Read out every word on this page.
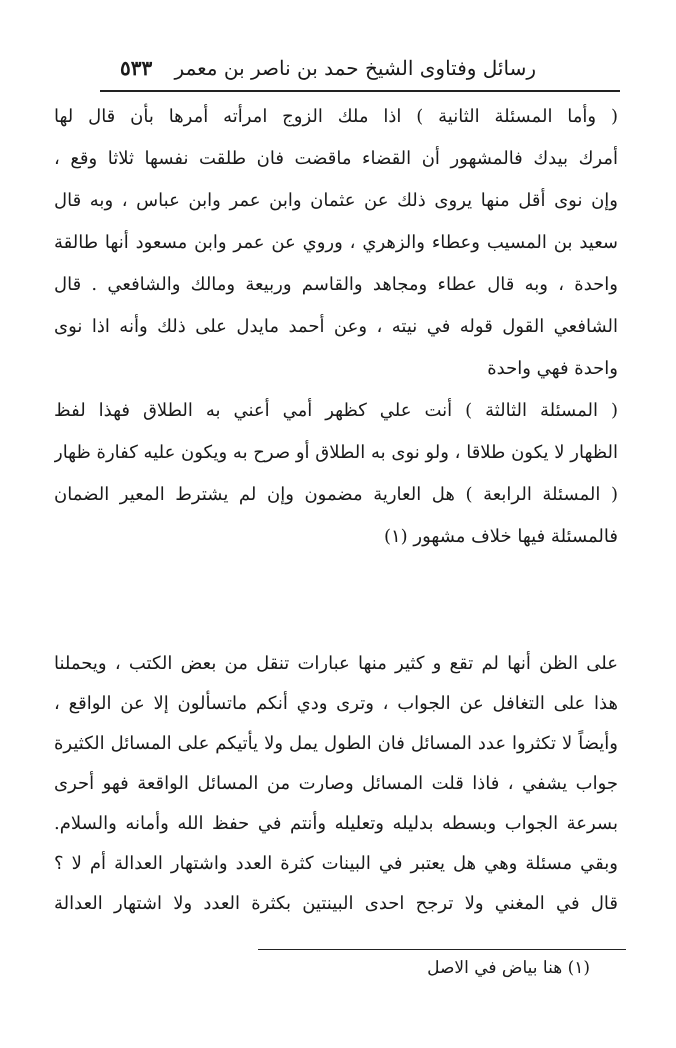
٥٣٣ رسائل وفتاوى الشيخ حمد بن ناصر بن معمر
( وأما المسئلة الثانية ) اذا ملك الزوج امرأته أمرها بأن قال لها
أمرك بيدك فالمشهور أن القضاء ماقضت فان طلقت نفسها ثلاثا وقع ،
وإن نوى أقل منها يروى ذلك عن عثمان وابن عمر وابن عباس ، وبه قال
سعيد بن المسيب وعطاء والزهري ، وروي عن عمر وابن مسعود أنها طالقة
واحدة ، وبه قال عطاء ومجاهد والقاسم وربيعة ومالك والشافعي . قال
الشافعي القول قوله في نيته ، وعن أحمد مايدل على ذلك وأنه اذا نوى
واحدة فهي واحدة
( المسئلة الثالثة ) أنت علي كظهر أمي أعني به الطلاق فهذا لفظ
الظهار لا يكون طلاقا ، ولو نوى به الطلاق أو صرح به ويكون عليه كفارة ظهار
( المسئلة الرابعة ) هل العارية مضمون وإن لم يشترط المعير الضمان
فالمسئلة فيها خلاف مشهور (١)
على الظن أنها لم تقع و كثير منها عبارات تنقل من بعض الكتب ، ويحملنا
هذا على التغافل عن الجواب ، وترى ودي أنكم ماتسألون إلا عن الواقع ،
وأيضاً لا تكثروا عدد المسائل فان الطول يمل ولا يأتيكم على المسائل الكثيرة
جواب يشفي ، فاذا قلت المسائل وصارت من المسائل الواقعة فهو أحرى
بسرعة الجواب وبسطه بدليله وتعليله وأنتم في حفظ الله وأمانه والسلام.
وبقي مسئلة وهي هل يعتبر في البينات كثرة العدد واشتهار العدالة أم لا ؟
قال في المغني ولا ترجح احدى البينتين بكثرة العدد ولا اشتهار العدالة
(١) هنا بياض في الاصل
